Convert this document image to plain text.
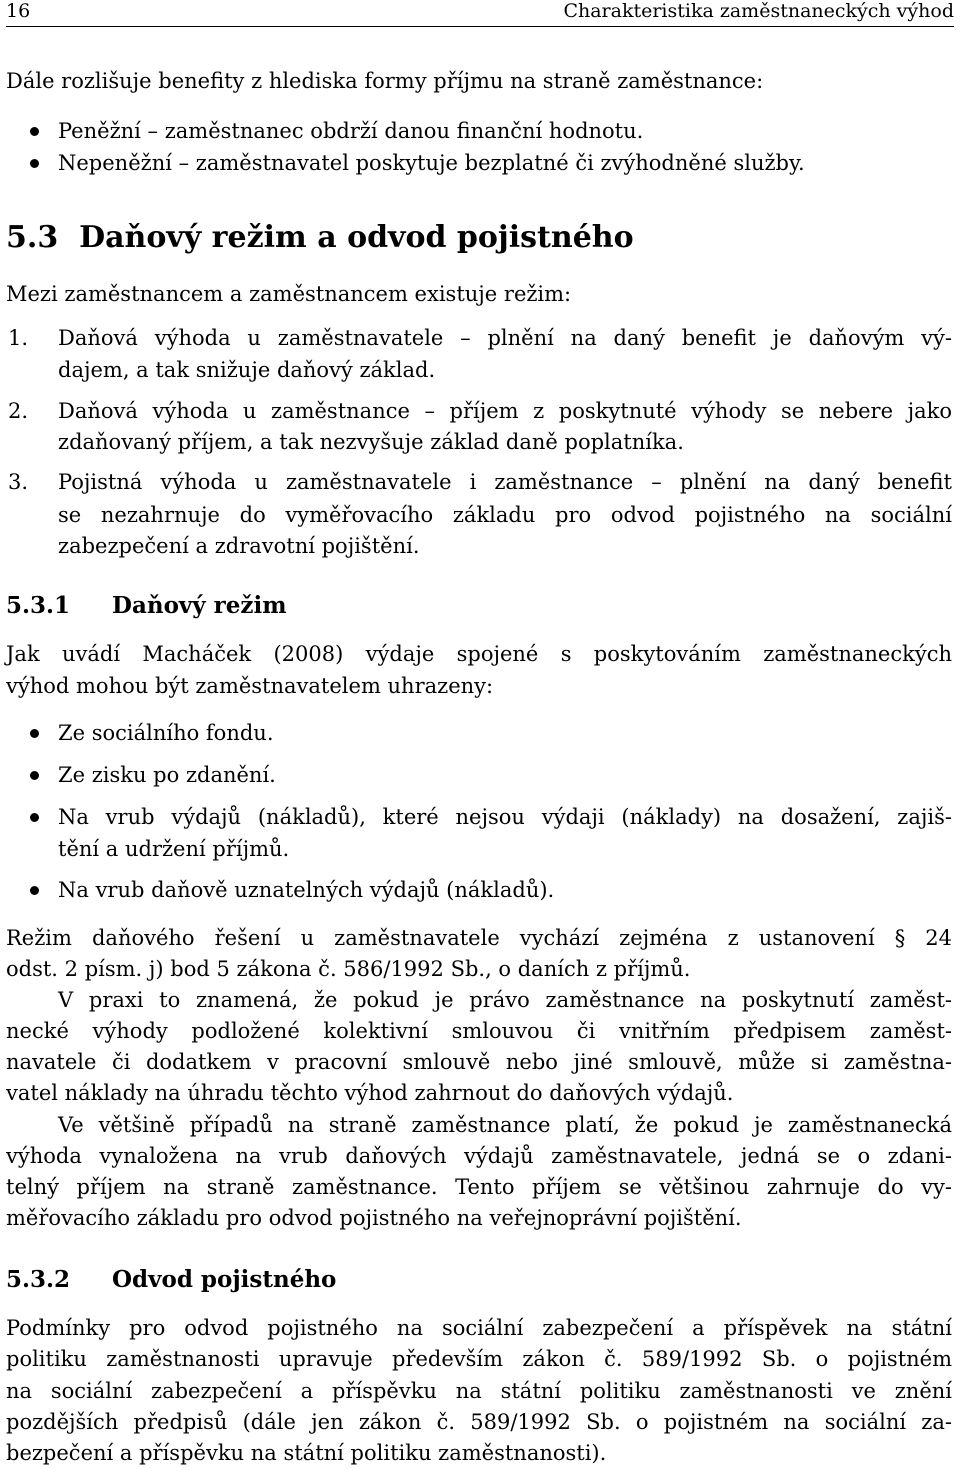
16	Charakteristika zaměstnaneckých výhod
Dále rozlišuje benefity z hlediska formy příjmu na straně zaměstnance:
Peněžní – zaměstnanec obdrží danou finanční hodnotu.
Nepeněžní – zaměstnavatel poskytuje bezplatné či zvýhodněné služby.
5.3 Daňový režim a odvod pojistného
Mezi zaměstnancem a zaměstnancem existuje režim:
1. Daňová výhoda u zaměstnavatele – plnění na daný benefit je daňovým vý-
dajem, a tak snižuje daňový základ.
2. Daňová výhoda u zaměstnance – příjem z poskytnuté výhody se nebere jako
zdaňovaný příjem, a tak nezvyšuje základ daně poplatníka.
3. Pojistná výhoda u zaměstnavatele i zaměstnance – plnění na daný benefit
se nezahrnuje do vyměřovacího základu pro odvod pojistného na sociální
zabezpečení a zdravotní pojištění.
5.3.1 Daňový režim
Jak uvádí Macháček (2008) výdaje spojené s poskytováním zaměstnaneckých
výhod mohou být zaměstnavatelem uhrazeny:
Ze sociálního fondu.
Ze zisku po zdanění.
Na vrub výdajů (nákladů), které nejsou výdaji (náklady) na dosažení, zajiš-
tění a udržení příjmů.
Na vrub daňově uznatelných výdajů (nákladů).
Režim daňového řešení u zaměstnavatele vychází zejména z ustanovení § 24
odst. 2 písm. j) bod 5 zákona č. 586/1992 Sb., o daních z příjmů.
V praxi to znamená, že pokud je právo zaměstnance na poskytnutí zaměst-
necké výhody podložené kolektivní smlouvou či vnitřním předpisem zaměst-
navatele či dodatkem v pracovní smlouvě nebo jiné smlouvě, může si zaměstna-
vatel náklady na úhradu těchto výhod zahrnout do daňových výdajů.
Ve většině případů na straně zaměstnance platí, že pokud je zaměstnanecká
výhoda vynaložena na vrub daňových výdajů zaměstnavatele, jedná se o zdani-
telný příjem na straně zaměstnance. Tento příjem se většinou zahrnuje do vy-
měřovacího základu pro odvod pojistného na veřejnoprávní pojištění.
5.3.2 Odvod pojistného
Podmínky pro odvod pojistného na sociální zabezpečení a příspěvek na státní
politiku zaměstnanosti upravuje především zákon č. 589/1992 Sb. o pojistném
na sociální zabezpečení a příspěvku na státní politiku zaměstnanosti ve znění
pozdějších předpisů (dále jen zákon č. 589/1992 Sb. o pojistném na sociální za-
bezpečení a příspěvku na státní politiku zaměstnanosti).
